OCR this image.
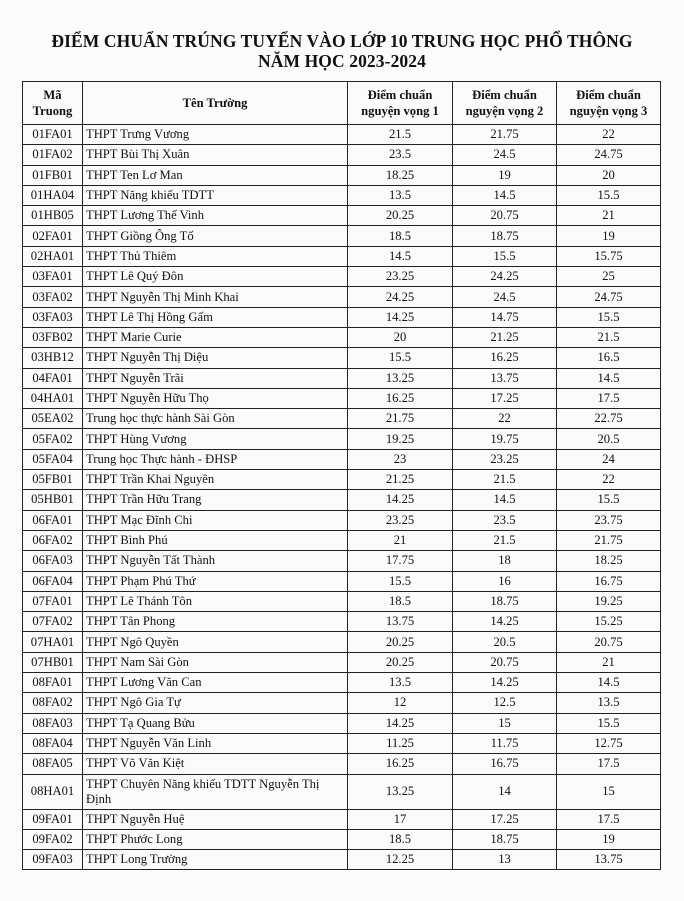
ĐIỂM CHUẨN TRÚNG TUYỂN VÀO LỚP 10 TRUNG HỌC PHỔ THÔNG
NĂM HỌC 2023-2024
Mã Truong	Tên Trường	Điểm chuẩn nguyện vọng 1	Điểm chuẩn nguyện vọng 2	Điểm chuẩn nguyện vọng 3
01FA01	THPT Trưng Vương	21.5	21.75	22
01FA02	THPT Bùi Thị Xuân	23.5	24.5	24.75
01FB01	THPT Ten Lơ Man	18.25	19	20
01HA04	THPT Năng khiếu TDTT	13.5	14.5	15.5
01HB05	THPT Lương Thế Vinh	20.25	20.75	21
02FA01	THPT Giồng Ông Tố	18.5	18.75	19
02HA01	THPT Thủ Thiêm	14.5	15.5	15.75
03FA01	THPT Lê Quý Đôn	23.25	24.25	25
03FA02	THPT Nguyễn Thị Minh Khai	24.25	24.5	24.75
03FA03	THPT Lê Thị Hồng Gấm	14.25	14.75	15.5
03FB02	THPT Marie Curie	20	21.25	21.5
03HB12	THPT Nguyễn Thị Diệu	15.5	16.25	16.5
04FA01	THPT Nguyễn Trãi	13.25	13.75	14.5
04HA01	THPT Nguyễn Hữu Thọ	16.25	17.25	17.5
05EA02	Trung học thực hành Sài Gòn	21.75	22	22.75
05FA02	THPT Hùng Vương	19.25	19.75	20.5
05FA04	Trung học Thực hành - ĐHSP	23	23.25	24
05FB01	THPT Trần Khai Nguyên	21.25	21.5	22
05HB01	THPT Trần Hữu Trang	14.25	14.5	15.5
06FA01	THPT Mạc Đĩnh Chi	23.25	23.5	23.75
06FA02	THPT Bình Phú	21	21.5	21.75
06FA03	THPT Nguyễn Tất Thành	17.75	18	18.25
06FA04	THPT Phạm Phú Thứ	15.5	16	16.75
07FA01	THPT Lê Thánh Tôn	18.5	18.75	19.25
07FA02	THPT Tân Phong	13.75	14.25	15.25
07HA01	THPT Ngô Quyền	20.25	20.5	20.75
07HB01	THPT Nam Sài Gòn	20.25	20.75	21
08FA01	THPT Lương Văn Can	13.5	14.25	14.5
08FA02	THPT Ngô Gia Tự	12	12.5	13.5
08FA03	THPT Tạ Quang Bửu	14.25	15	15.5
08FA04	THPT Nguyễn Văn Linh	11.25	11.75	12.75
08FA05	THPT Võ Văn Kiệt	16.25	16.75	17.5
08HA01	THPT Chuyên Năng khiếu TDTT Nguyễn Thị Định	13.25	14	15
09FA01	THPT Nguyễn Huệ	17	17.25	17.5
09FA02	THPT Phước Long	18.5	18.75	19
09FA03	THPT Long Trường	12.25	13	13.75
